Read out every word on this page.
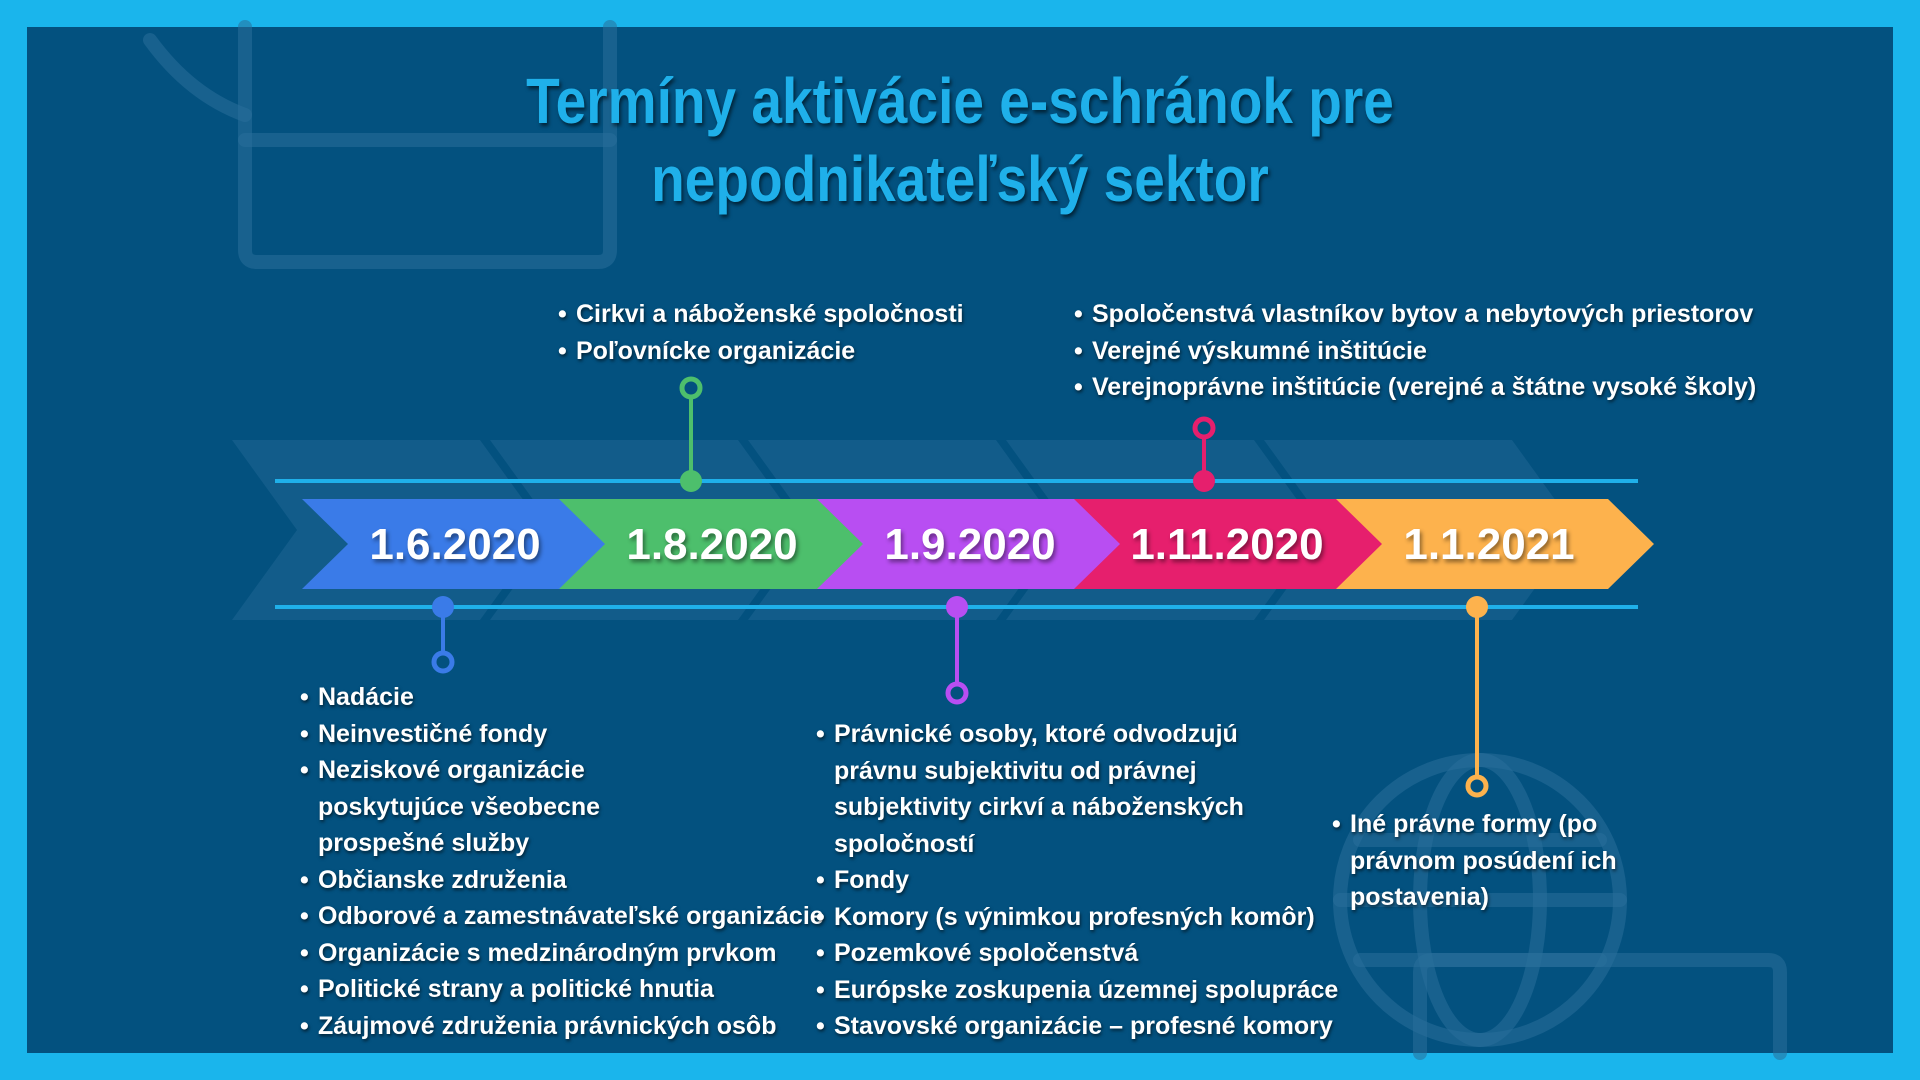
Termíny aktivácie e-schránok pre
nepodnikateľský sektor
1.6.2020	1.8.2020	1.9.2020	1.11.2020	1.1.2021
• Nadácie
• Neinvestičné fondy
• Neziskové organizácie poskytujúce všeobecne prospešné služby
• Občianske združenia
• Odborové a zamestnávateľské organizácie
• Organizácie s medzinárodným prvkom
• Politické strany a politické hnutia
• Záujmové združenia právnických osôb
• Cirkvi a náboženské spoločnosti
• Poľovnícke organizácie
• Právnické osoby, ktoré odvodzujú právnu subjektivitu od právnej subjektivity cirkví a náboženských spoločností
• Fondy
• Komory (s výnimkou profesných komôr)
• Pozemkové spoločenstvá
• Európske zoskupenia územnej spolupráce
• Stavovské organizácie – profesné komory
• Spoločenstvá vlastníkov bytov a nebytových priestorov
• Verejné výskumné inštitúcie
• Verejnoprávne inštitúcie (verejné a štátne vysoké školy)
• Iné právne formy (po právnom posúdení ich postavenia)
